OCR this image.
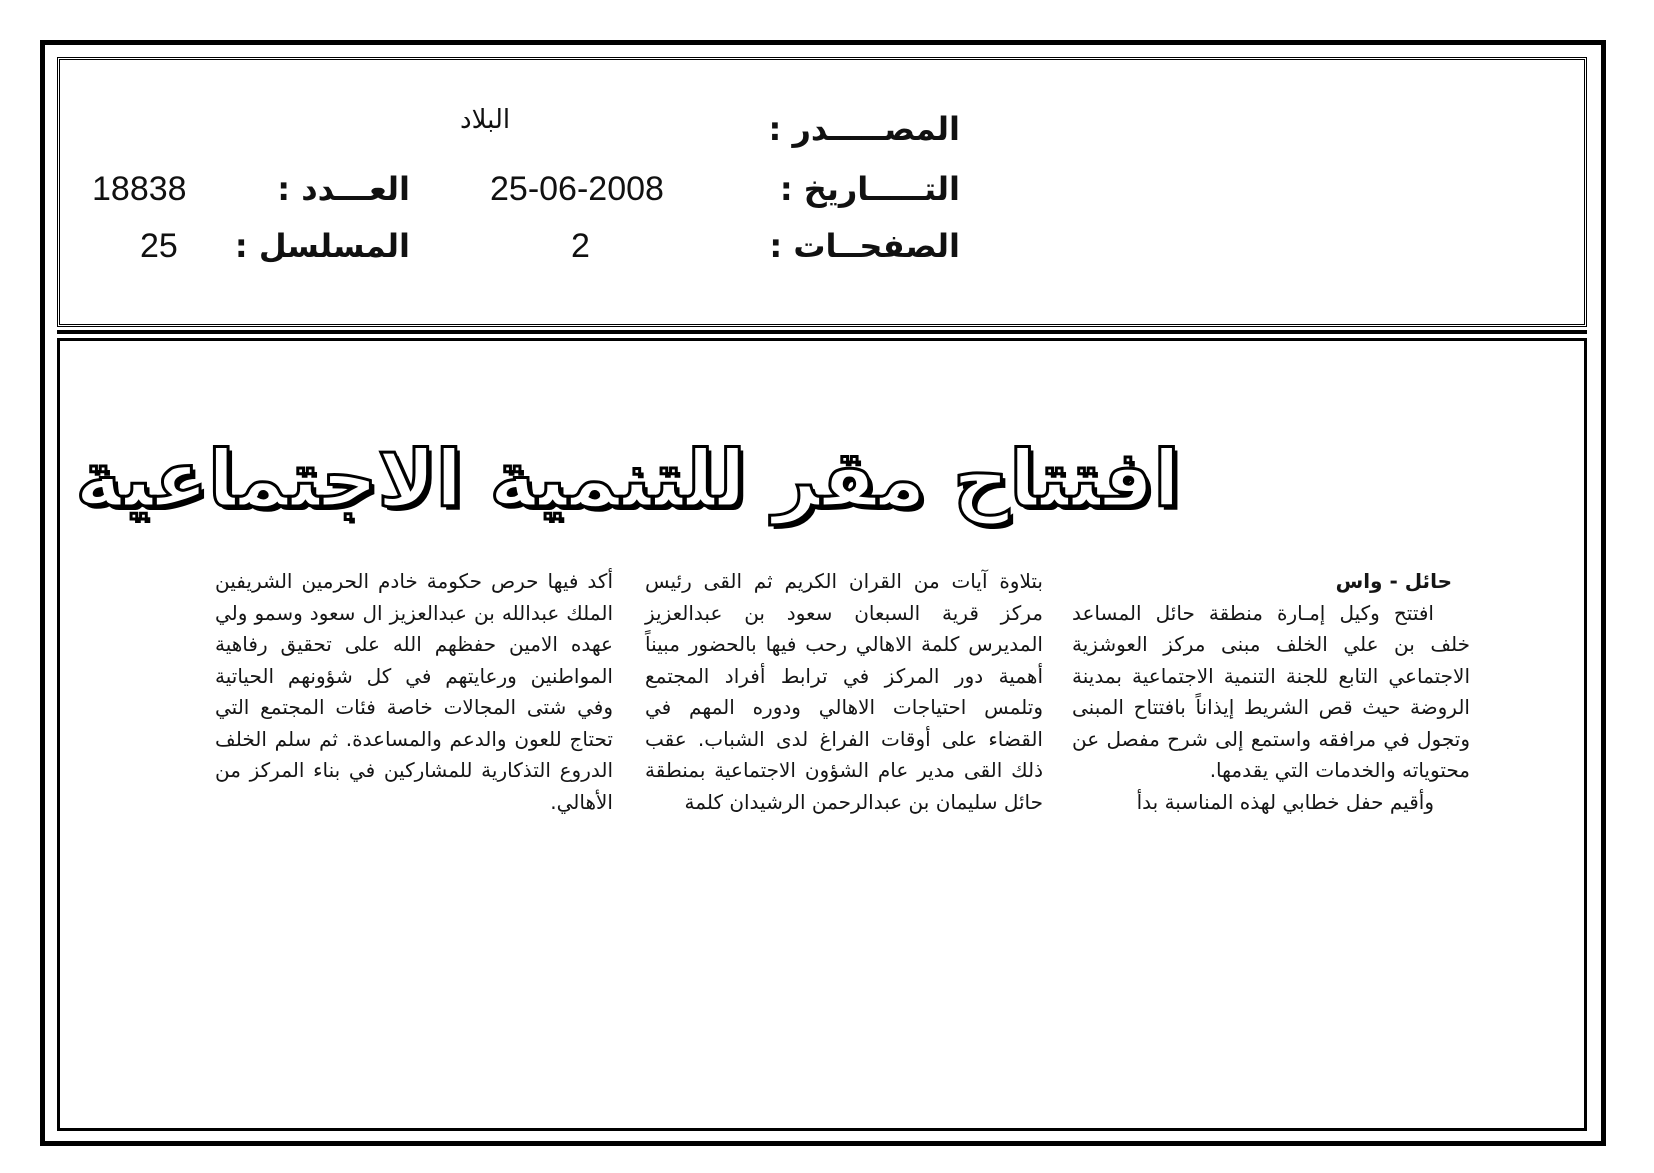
المصـــــدر :
البلاد
التـــــاريخ :
25-06-2008
العـــدد :
18838
الصفحــات :
2
المسلسل :
25
افتتاح مقر للتنمية الاجتماعية

حائل - واس

افتتح وكيل إمـارة منطقة حائل المساعد خلف بن علي الخلف مبنى مركز العوشزية الاجتماعي التابع للجنة التنمية الاجتماعية بمدينة الروضة حيث قص الشريط إيذاناً بافتتاح المبنى وتجول في مرافقه واستمع إلى شرح مفصل عن محتوياته والخدمات التي يقدمها.

وأقيم حفل خطابي لهذه المناسبة بدأ

بتلاوة آيات من القران الكريم ثم القى رئيس مركز قرية السبعان سعود بن عبدالعزيز المديرس كلمة الاهالي رحب فيها بالحضور مبيناً أهمية دور المركز في ترابط أفراد المجتمع وتلمس احتياجات الاهالي ودوره المهم في القضاء على أوقات الفراغ لدى الشباب. عقب ذلك القى مدير عام الشؤون الاجتماعية بمنطقة حائل سليمان بن عبدالرحمن الرشيدان كلمة

أكد فيها حرص حكومة خادم الحرمين الشريفين الملك عبدالله بن عبدالعزيز ال سعود وسمو ولي عهده الامين حفظهم الله على تحقيق رفاهية المواطنين ورعايتهم في كل شؤونهم الحياتية وفي شتى المجالات خاصة فئات المجتمع التي تحتاج للعون والدعم والمساعدة. ثم سلم الخلف الدروع التذكارية للمشاركين في بناء المركز من الأهالي.
